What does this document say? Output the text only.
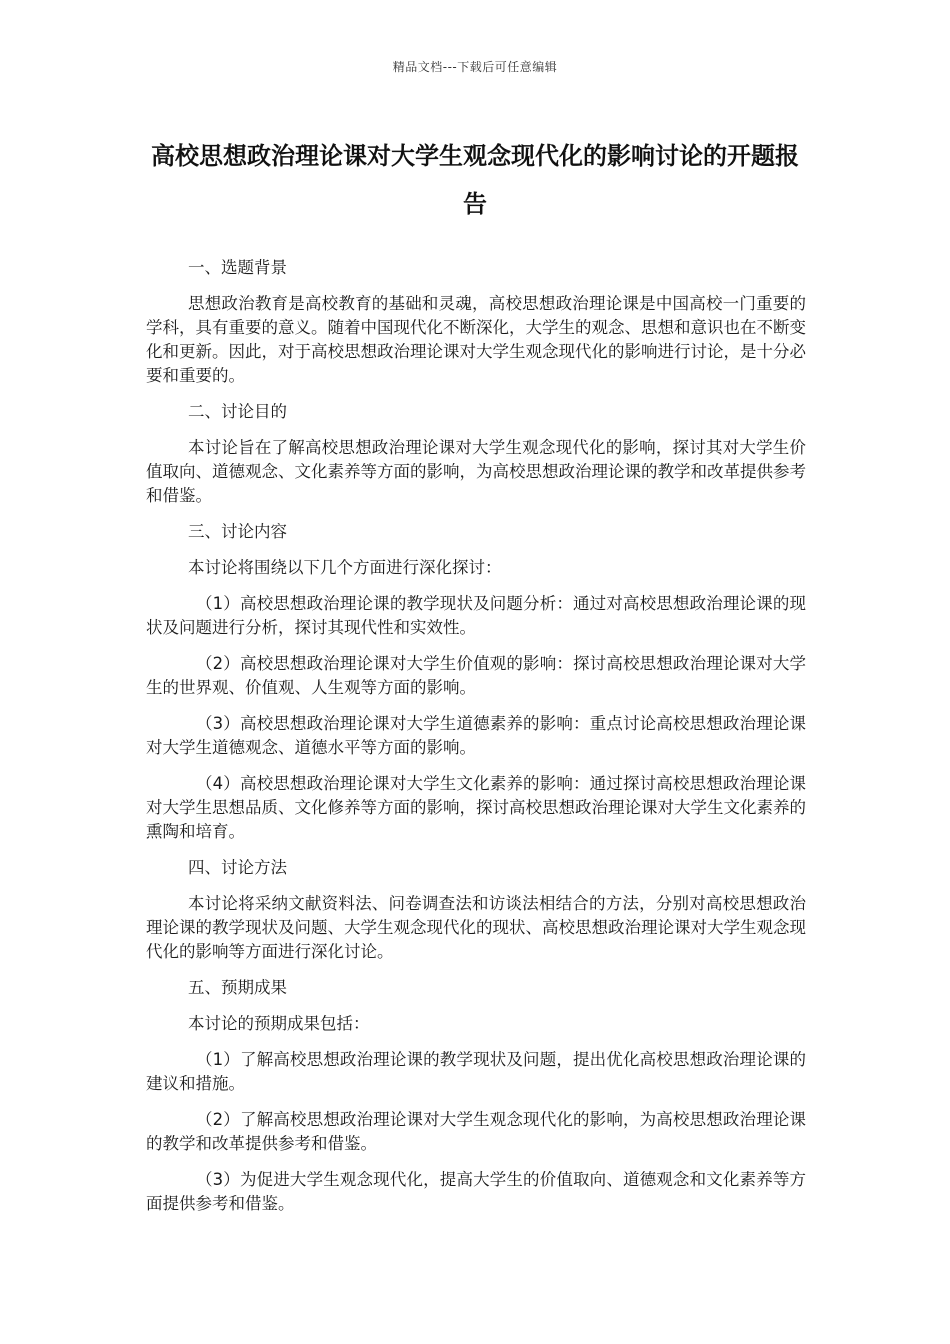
精品文档---下载后可任意编辑
高校思想政治理论课对大学生观念现代化的影响讨论的开题报告
一、选题背景
思想政治教育是高校教育的基础和灵魂，高校思想政治理论课是中国高校一门重要的学科，具有重要的意义。随着中国现代化不断深化，大学生的观念、思想和意识也在不断变化和更新。因此，对于高校思想政治理论课对大学生观念现代化的影响进行讨论，是十分必要和重要的。
二、讨论目的
本讨论旨在了解高校思想政治理论课对大学生观念现代化的影响，探讨其对大学生价值取向、道德观念、文化素养等方面的影响，为高校思想政治理论课的教学和改革提供参考和借鉴。
三、讨论内容
本讨论将围绕以下几个方面进行深化探讨：
（1）高校思想政治理论课的教学现状及问题分析：通过对高校思想政治理论课的现状及问题进行分析，探讨其现代性和实效性。
（2）高校思想政治理论课对大学生价值观的影响：探讨高校思想政治理论课对大学生的世界观、价值观、人生观等方面的影响。
（3）高校思想政治理论课对大学生道德素养的影响：重点讨论高校思想政治理论课对大学生道德观念、道德水平等方面的影响。
（4）高校思想政治理论课对大学生文化素养的影响：通过探讨高校思想政治理论课对大学生思想品质、文化修养等方面的影响，探讨高校思想政治理论课对大学生文化素养的熏陶和培育。
四、讨论方法
本讨论将采纳文献资料法、问卷调查法和访谈法相结合的方法，分别对高校思想政治理论课的教学现状及问题、大学生观念现代化的现状、高校思想政治理论课对大学生观念现代化的影响等方面进行深化讨论。
五、预期成果
本讨论的预期成果包括：
（1）了解高校思想政治理论课的教学现状及问题，提出优化高校思想政治理论课的建议和措施。
（2）了解高校思想政治理论课对大学生观念现代化的影响，为高校思想政治理论课的教学和改革提供参考和借鉴。
（3）为促进大学生观念现代化，提高大学生的价值取向、道德观念和文化素养等方面提供参考和借鉴。
